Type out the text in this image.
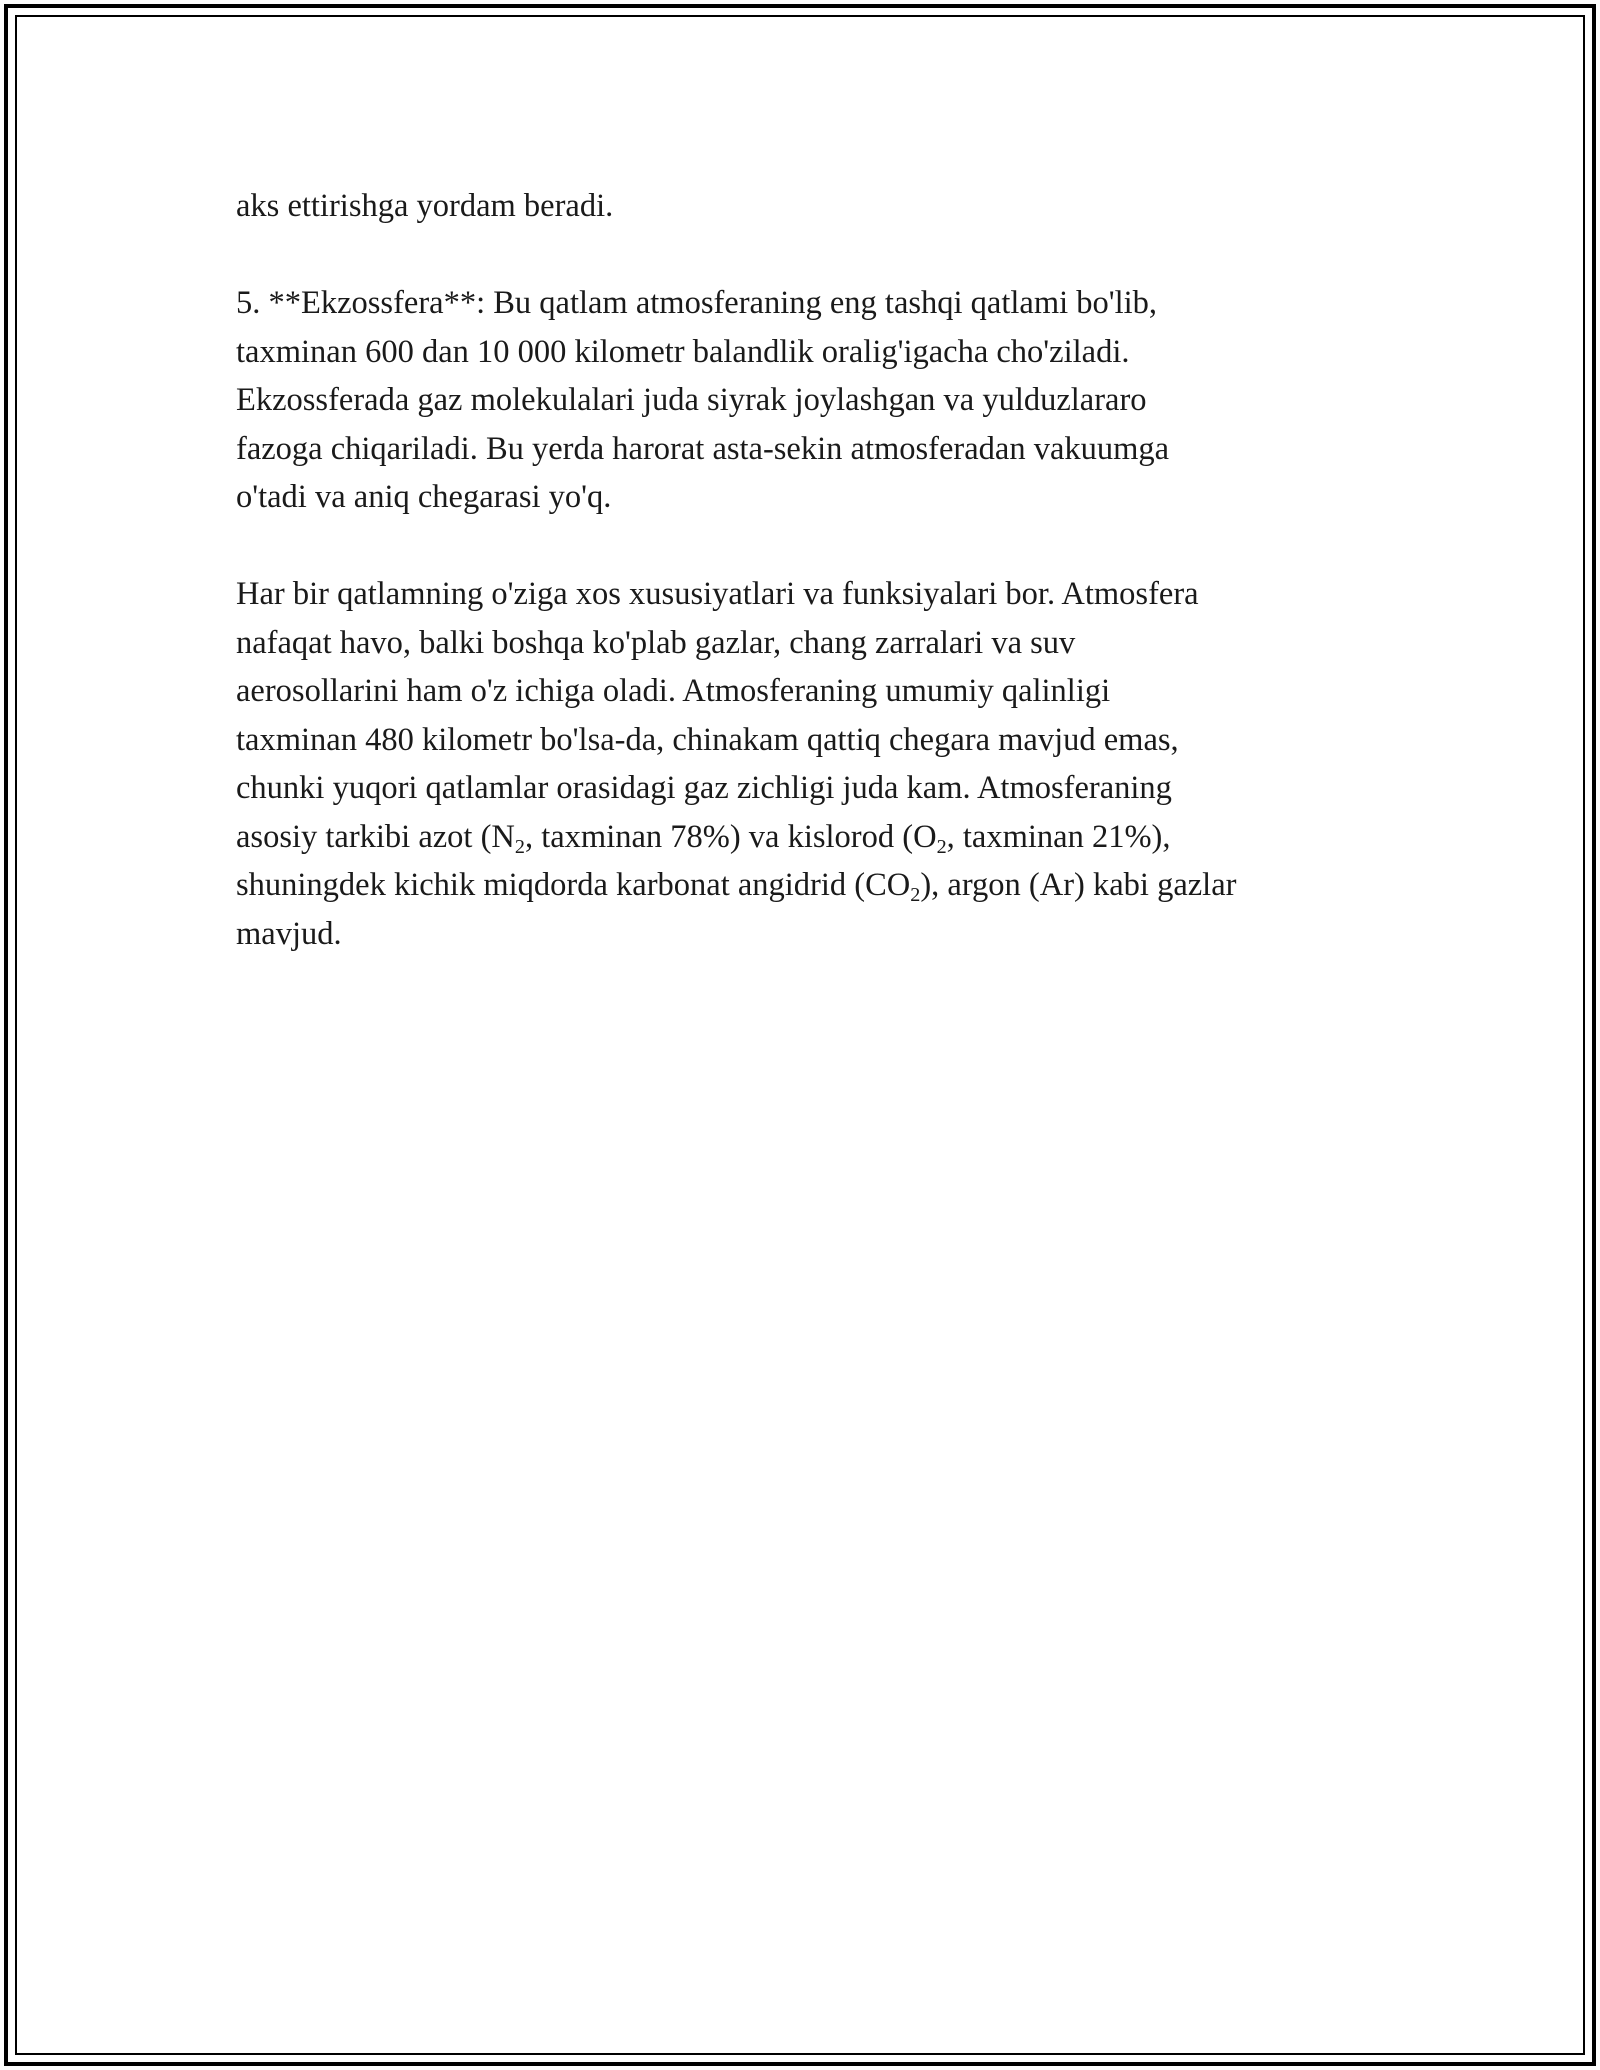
aks ettirishga yordam beradi.

5. **Ekzossfera**: Bu qatlam atmosferaning eng tashqi qatlami bo'lib,
taxminan 600 dan 10 000 kilometr balandlik oralig'igacha cho'ziladi.
Ekzossferada gaz molekulalari juda siyrak joylashgan va yulduzlararo
fazoga chiqariladi. Bu yerda harorat asta-sekin atmosferadan vakuumga
o'tadi va aniq chegarasi yo'q.

Har bir qatlamning o'ziga xos xususiyatlari va funksiyalari bor. Atmosfera
nafaqat havo, balki boshqa ko'plab gazlar, chang zarralari va suv
aerosollarini ham o'z ichiga oladi. Atmosferaning umumiy qalinligi
taxminan 480 kilometr bo'lsa-da, chinakam qattiq chegara mavjud emas,
chunki yuqori qatlamlar orasidagi gaz zichligi juda kam. Atmosferaning
asosiy tarkibi azot ($N_2$, taxminan 78%) va kislorod ($O_2$, taxminan 21%),
shuningdek kichik miqdorda karbonat angidrid $(CO_2)$, argon (Ar) kabi gazlar
mavjud.
